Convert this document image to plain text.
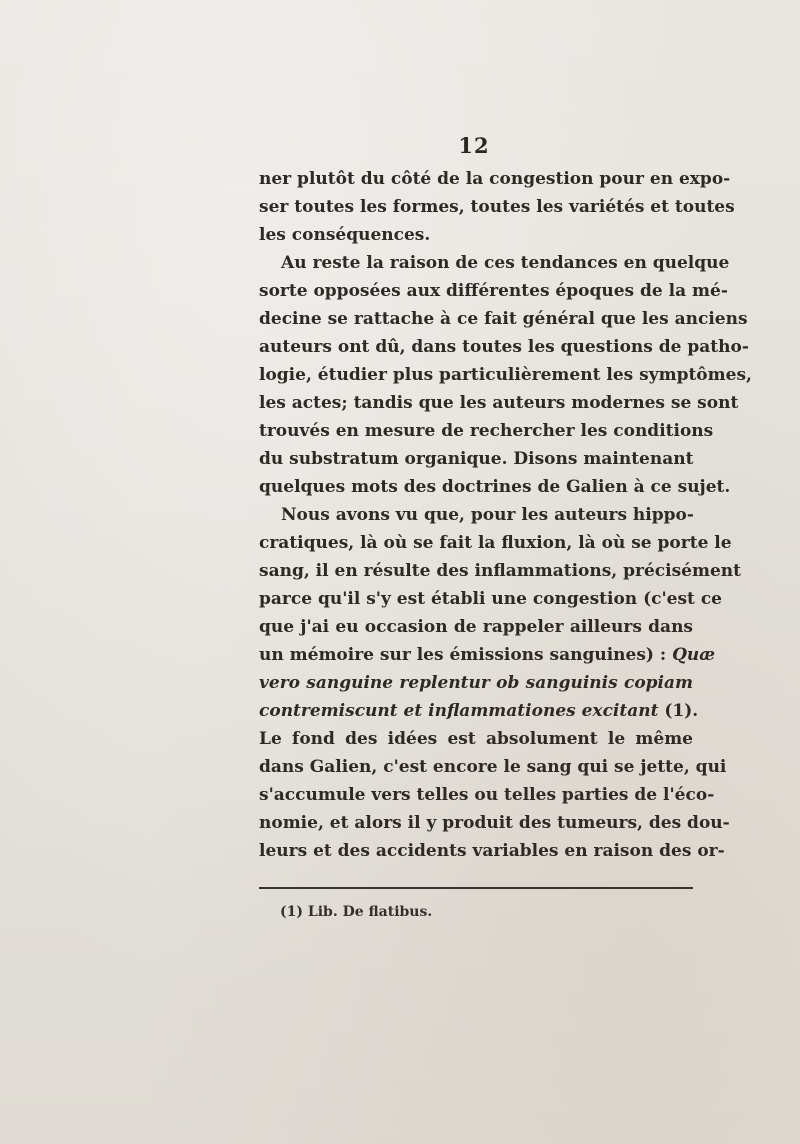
12
ner plutôt du côté de la congestion pour en expo-
ser toutes les formes, toutes les variétés et toutes
les conséquences.
Au reste la raison de ces tendances en quelque
sorte opposées aux différentes époques de la mé-
decine se rattache à ce fait général que les anciens
auteurs ont dû, dans toutes les questions de patho-
logie, étudier plus particulièrement les symptômes,
les actes; tandis que les auteurs modernes se sont
trouvés en mesure de rechercher les conditions
du substratum organique. Disons maintenant
quelques mots des doctrines de Galien à ce sujet.
Nous avons vu que, pour les auteurs hippo-
cratiques, là où se fait la fluxion, là où se porte le
sang, il en résulte des inflammations, précisément
parce qu'il s'y est établi une congestion (c'est ce
que j'ai eu occasion de rappeler ailleurs dans
un mémoire sur les émissions sanguines) : Quæ
vero sanguine replentur ob sanguinis copiam
contremiscunt et inflammationes excitant (1).
Le fond des idées est absolument le même
dans Galien, c'est encore le sang qui se jette, qui
s'accumule vers telles ou telles parties de l'éco-
nomie, et alors il y produit des tumeurs, des dou-
leurs et des accidents variables en raison des or-
(1) Lib. De flatibus.
